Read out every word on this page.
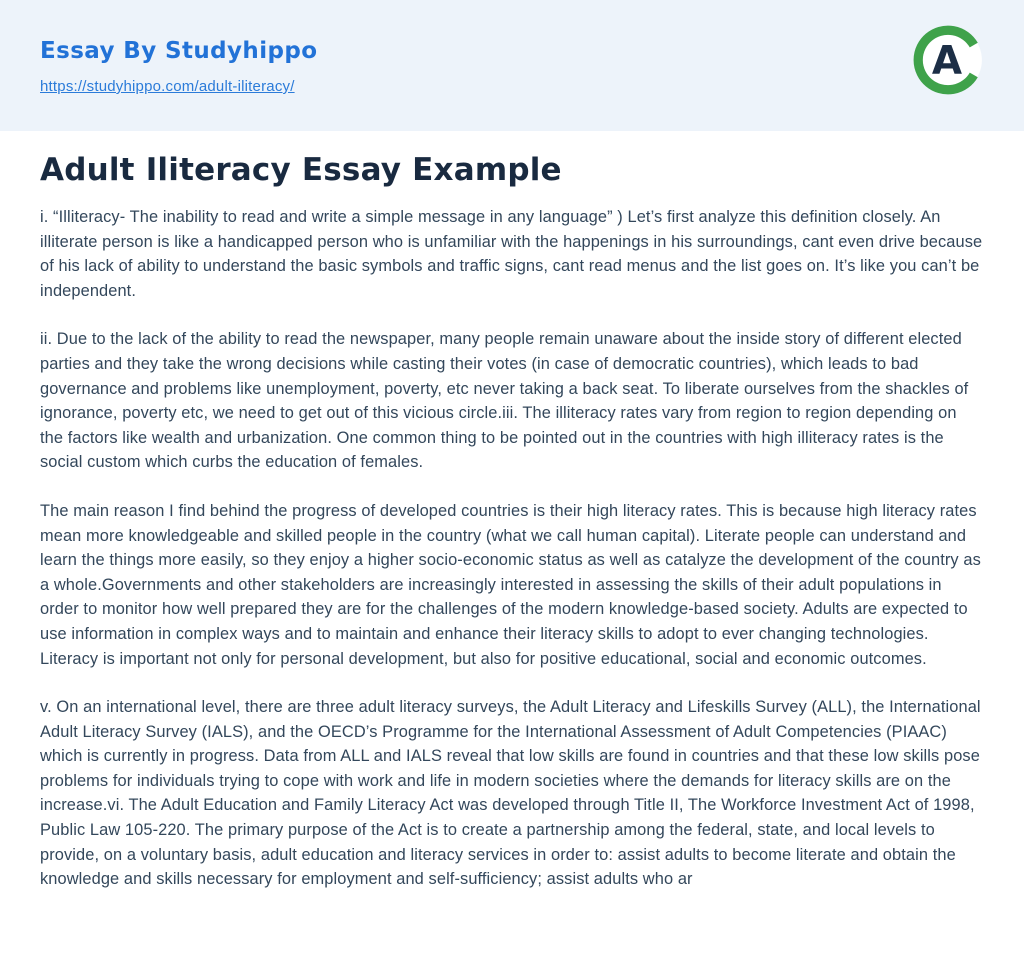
Essay By Studyhippo
https://studyhippo.com/adult-iliteracy/
A
Adult Iliteracy Essay Example

i. “Illiteracy- The inability to read and write a simple message in any language” ) Let’s first analyze this definition closely. An illiterate person is like a handicapped person who is unfamiliar with the happenings in his surroundings, cant even drive because of his lack of ability to understand the basic symbols and traffic signs, cant read menus and the list goes on. It’s like you can’t be independent.

ii. Due to the lack of the ability to read the newspaper, many people remain unaware about the inside story of different elected parties and they take the wrong decisions while casting their votes (in case of democratic countries), which leads to bad governance and problems like unemployment, poverty, etc never taking a back seat. To liberate ourselves from the shackles of ignorance, poverty etc, we need to get out of this vicious circle.iii. The illiteracy rates vary from region to region depending on the factors like wealth and urbanization. One common thing to be pointed out in the countries with high illiteracy rates is the social custom which curbs the education of females.

The main reason I find behind the progress of developed countries is their high literacy rates. This is because high literacy rates mean more knowledgeable and skilled people in the country (what we call human capital). Literate people can understand and learn the things more easily, so they enjoy a higher socio-economic status as well as catalyze the development of the country as a whole.Governments and other stakeholders are increasingly interested in assessing the skills of their adult populations in order to monitor how well prepared they are for the challenges of the modern knowledge-based society. Adults are expected to use information in complex ways and to maintain and enhance their literacy skills to adopt to ever changing technologies. Literacy is important not only for personal development, but also for positive educational, social and economic outcomes.

v. On an international level, there are three adult literacy surveys, the Adult Literacy and Lifeskills Survey (ALL), the International Adult Literacy Survey (IALS), and the OECD’s Programme for the International Assessment of Adult Competencies (PIAAC) which is currently in progress. Data from ALL and IALS reveal that low skills are found in countries and that these low skills pose problems for individuals trying to cope with work and life in modern societies where the demands for literacy skills are on the increase.vi. The Adult Education and Family Literacy Act was developed through Title II, The Workforce Investment Act of 1998, Public Law 105-220. The primary purpose of the Act is to create a partnership among the federal, state, and local levels to provide, on a voluntary basis, adult education and literacy services in order to: assist adults to become literate and obtain the knowledge and skills necessary for employment and self-sufficiency; assist adults who ar
